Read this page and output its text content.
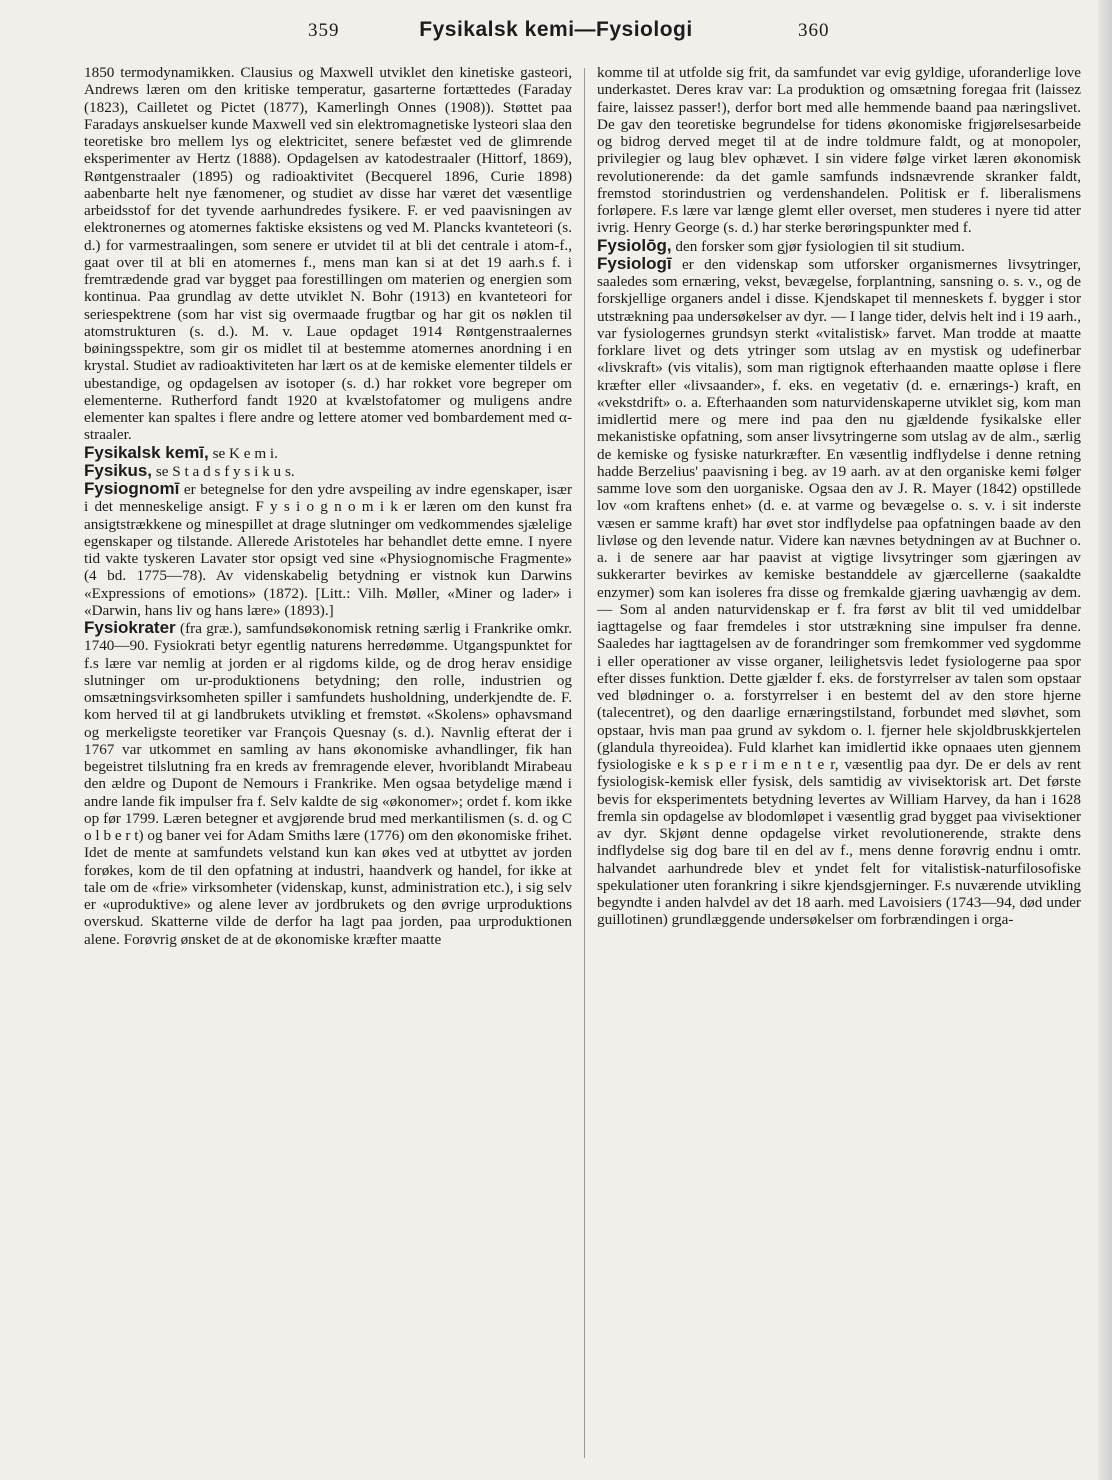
359	Fysikalsk kemi—Fysiologi	360

1850 termodynamikken. Clausius og Maxwell utviklet den kinetiske gasteori, Andrews læren om den kritiske temperatur, gasarterne fortættedes (Faraday (1823), Cailletet og Pictet (1877), Kamerlingh Onnes (1908)). Støttet paa Faradays anskuelser kunde Maxwell ved sin elektromagnetiske lysteori slaa den teoretiske bro mellem lys og elektricitet, senere befæstet ved de glimrende eksperimenter av Hertz (1888). Opdagelsen av katodestraaler (Hittorf, 1869), Røntgenstraaler (1895) og radioaktivitet (Becquerel 1896, Curie 1898) aabenbarte helt nye fænomener, og studiet av disse har været det væsentlige arbeidsstof for det tyvende aarhundredes fysikere. F. er ved paavisningen av elektronernes og atomernes faktiske eksistens og ved M. Plancks kvanteteori (s. d.) for varmestraalingen, som senere er utvidet til at bli det centrale i atom-f., gaat over til at bli en atomernes f., mens man kan si at det 19 aarh.s f. i fremtrædende grad var bygget paa forestillingen om materien og energien som kontinua. Paa grundlag av dette utviklet N. Bohr (1913) en kvanteteori for seriespektrene (som har vist sig overmaade frugtbar og har git os nøklen til atomstrukturen (s. d.). M. v. Laue opdaget 1914 Røntgenstraalernes bøiningsspektre, som gir os midlet til at bestemme atomernes anordning i en krystal. Studiet av radioaktiviteten har lært os at de kemiske elementer tildels er ubestandige, og opdagelsen av isotoper (s. d.) har rokket vore begreper om elementerne. Rutherford fandt 1920 at kvælstofatomer og muligens andre elementer kan spaltes i flere andre og lettere atomer ved bombardement med α-straaler.

Fysikalsk kemī, se K e m i.

Fysikus, se S t a d s f y s i k u s.

Fysiognomī er betegnelse for den ydre avspeiling av indre egenskaper, især i det menneskelige ansigt. F y s i o g n o m i k er læren om den kunst fra ansigtstrækkene og minespillet at drage slutninger om vedkommendes sjælelige egenskaper og tilstande. Allerede Aristoteles har behandlet dette emne. I nyere tid vakte tyskeren Lavater stor opsigt ved sine «Physiognomische Fragmente» (4 bd. 1775—78). Av videnskabelig betydning er vistnok kun Darwins «Expressions of emotions» (1872). [Litt.: Vilh. Møller, «Miner og lader» i «Darwin, hans liv og hans lære» (1893).]

Fysiokrater (fra græ.), samfundsøkonomisk retning særlig i Frankrike omkr. 1740—90. Fysiokrati betyr egentlig naturens herredømme. Utgangspunktet for f.s lære var nemlig at jorden er al rigdoms kilde, og de drog herav ensidige slutninger om ur-produktionens betydning; den rolle, industrien og omsætningsvirksomheten spiller i samfundets husholdning, underkjendte de. F. kom herved til at gi landbrukets utvikling et fremstøt. «Skolens» ophavsmand og merkeligste teoretiker var François Quesnay (s. d.). Navnlig efterat der i 1767 var utkommet en samling av hans økonomiske avhandlinger, fik han begeistret tilslutning fra en kreds av fremragende elever, hvoriblandt Mirabeau den ældre og Dupont de Nemours i Frankrike. Men ogsaa betydelige mænd i andre lande fik impulser fra f. Selv kaldte de sig «økonomer»; ordet f. kom ikke op før 1799. Læren betegner et avgjørende brud med merkantilismen (s. d. og C o l b e r t) og baner vei for Adam Smiths lære (1776) om den økonomiske frihet. Idet de mente at samfundets velstand kun kan økes ved at utbyttet av jorden forøkes, kom de til den opfatning at industri, haandverk og handel, for ikke at tale om de «frie» virksomheter (videnskap, kunst, administration etc.), i sig selv er «uproduktive» og alene lever av jordbrukets og den øvrige urproduktions overskud. Skatterne vilde de derfor ha lagt paa jorden, paa urproduktionen alene. Forøvrig ønsket de at de økonomiske kræfter maatte

komme til at utfolde sig frit, da samfundet var evig gyldige, uforanderlige love underkastet. Deres krav var: La produktion og omsætning foregaa frit (laissez faire, laissez passer!), derfor bort med alle hemmende baand paa næringslivet. De gav den teoretiske begrundelse for tidens økonomiske frigjørelsesarbeide og bidrog derved meget til at de indre toldmure faldt, og at monopoler, privilegier og laug blev ophævet. I sin videre følge virket læren økonomisk revolutionerende: da det gamle samfunds indsnævrende skranker faldt, fremstod storindustrien og verdenshandelen. Politisk er f. liberalismens forløpere. F.s lære var længe glemt eller overset, men studeres i nyere tid atter ivrig. Henry George (s. d.) har sterke berøringspunkter med f.

Fysiolōg, den forsker som gjør fysiologien til sit studium.

Fysiologī er den videnskap som utforsker organismernes livsytringer, saaledes som ernæring, vekst, bevægelse, forplantning, sansning o. s. v., og de forskjellige organers andel i disse. Kjendskapet til menneskets f. bygger i stor utstrækning paa undersøkelser av dyr. — I lange tider, delvis helt ind i 19 aarh., var fysiologernes grundsyn sterkt «vitalistisk» farvet. Man trodde at maatte forklare livet og dets ytringer som utslag av en mystisk og udefinerbar «livskraft» (vis vitalis), som man rigtignok efterhaanden maatte opløse i flere kræfter eller «livsaander», f. eks. en vegetativ (d. e. ernærings-) kraft, en «vekstdrift» o. a. Efterhaanden som naturvidenskaperne utviklet sig, kom man imidlertid mere og mere ind paa den nu gjældende fysikalske eller mekanistiske opfatning, som anser livsytringerne som utslag av de alm., særlig de kemiske og fysiske naturkræfter. En væsentlig indflydelse i denne retning hadde Berzelius' paavisning i beg. av 19 aarh. av at den organiske kemi følger samme love som den uorganiske. Ogsaa den av J. R. Mayer (1842) opstillede lov «om kraftens enhet» (d. e. at varme og bevægelse o. s. v. i sit inderste væsen er samme kraft) har øvet stor indflydelse paa opfatningen baade av den livløse og den levende natur. Videre kan nævnes betydningen av at Buchner o. a. i de senere aar har paavist at vigtige livsytringer som gjæringen av sukkerarter bevirkes av kemiske bestanddele av gjærcellerne (saakaldte enzymer) som kan isoleres fra disse og fremkalde gjæring uavhængig av dem. — Som al anden naturvidenskap er f. fra først av blit til ved umiddelbar iagttagelse og faar fremdeles i stor utstrækning sine impulser fra denne. Saaledes har iagttagelsen av de forandringer som fremkommer ved sygdomme i eller operationer av visse organer, leilighetsvis ledet fysiologerne paa spor efter disses funktion. Dette gjælder f. eks. de forstyrrelser av talen som opstaar ved blødninger o. a. forstyrrelser i en bestemt del av den store hjerne (talecentret), og den daarlige ernæringstilstand, forbundet med sløvhet, som opstaar, hvis man paa grund av sykdom o. l. fjerner hele skjoldbruskkjertelen (glandula thyreoidea). Fuld klarhet kan imidlertid ikke opnaaes uten gjennem fysiologiske e k s p e r i m e n t e r, væsentlig paa dyr. De er dels av rent fysiologisk-kemisk eller fysisk, dels samtidig av vivisektorisk art. Det første bevis for eksperimentets betydning levertes av William Harvey, da han i 1628 fremla sin opdagelse av blodomløpet i væsentlig grad bygget paa vivisektioner av dyr. Skjønt denne opdagelse virket revolutionerende, strakte dens indflydelse sig dog bare til en del av f., mens denne forøvrig endnu i omtr. halvandet aarhundrede blev et yndet felt for vitalistisk-naturfilosofiske spekulationer uten forankring i sikre kjendsgjerninger. F.s nuværende utvikling begyndte i anden halvdel av det 18 aarh. med Lavoisiers (1743—94, død under guillotinen) grundlæggende undersøkelser om forbrændingen i orga-
